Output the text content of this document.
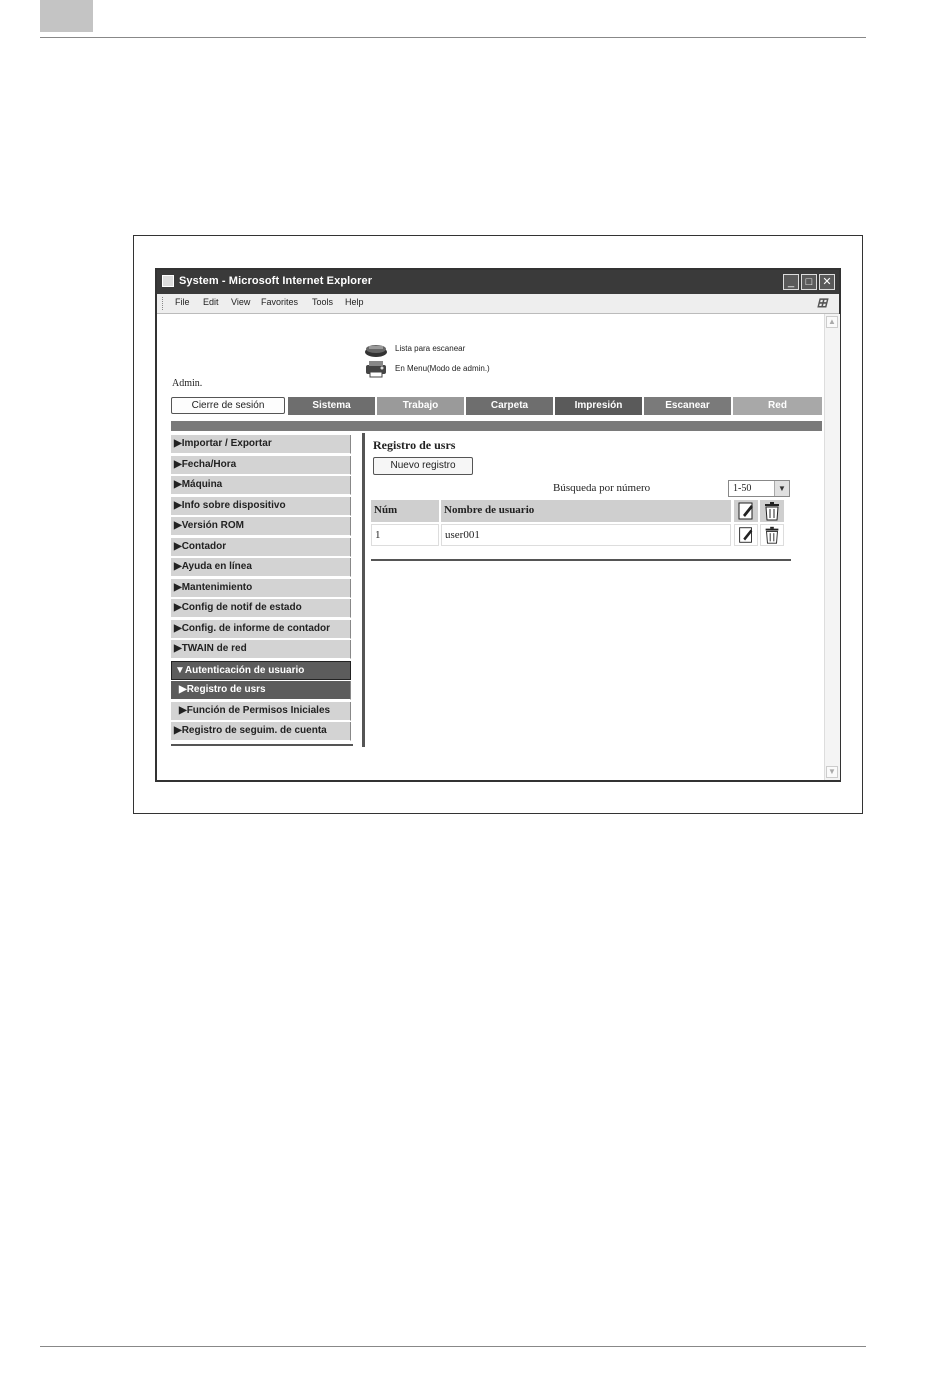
System - Microsoft Internet Explorer	_	□ ✕
File Edit View Favorites Tools Help	⊞
▲
▼
Lista para escanear
En Menu(Modo de admin.)
Admin.
Cierre de sesión	Sistema	Trabajo	Carpeta	Impresión	Escanear	Red
▶Importar / Exportar
▶Fecha/Hora
▶Máquina
▶Info sobre dispositivo
▶Versión ROM
▶Contador
▶Ayuda en línea
▶Mantenimiento
▶Config de notif de estado
▶Config. de informe de contador
▶TWAIN de red
▼Autenticación de usuario
▶Registro de usrs
▶Función de Permisos Iniciales
▶Registro de seguim. de cuenta
Registro de usrs
Nuevo registro
Búsqueda por número	1-50	▼
Núm	Nombre de usuario
1	user001
